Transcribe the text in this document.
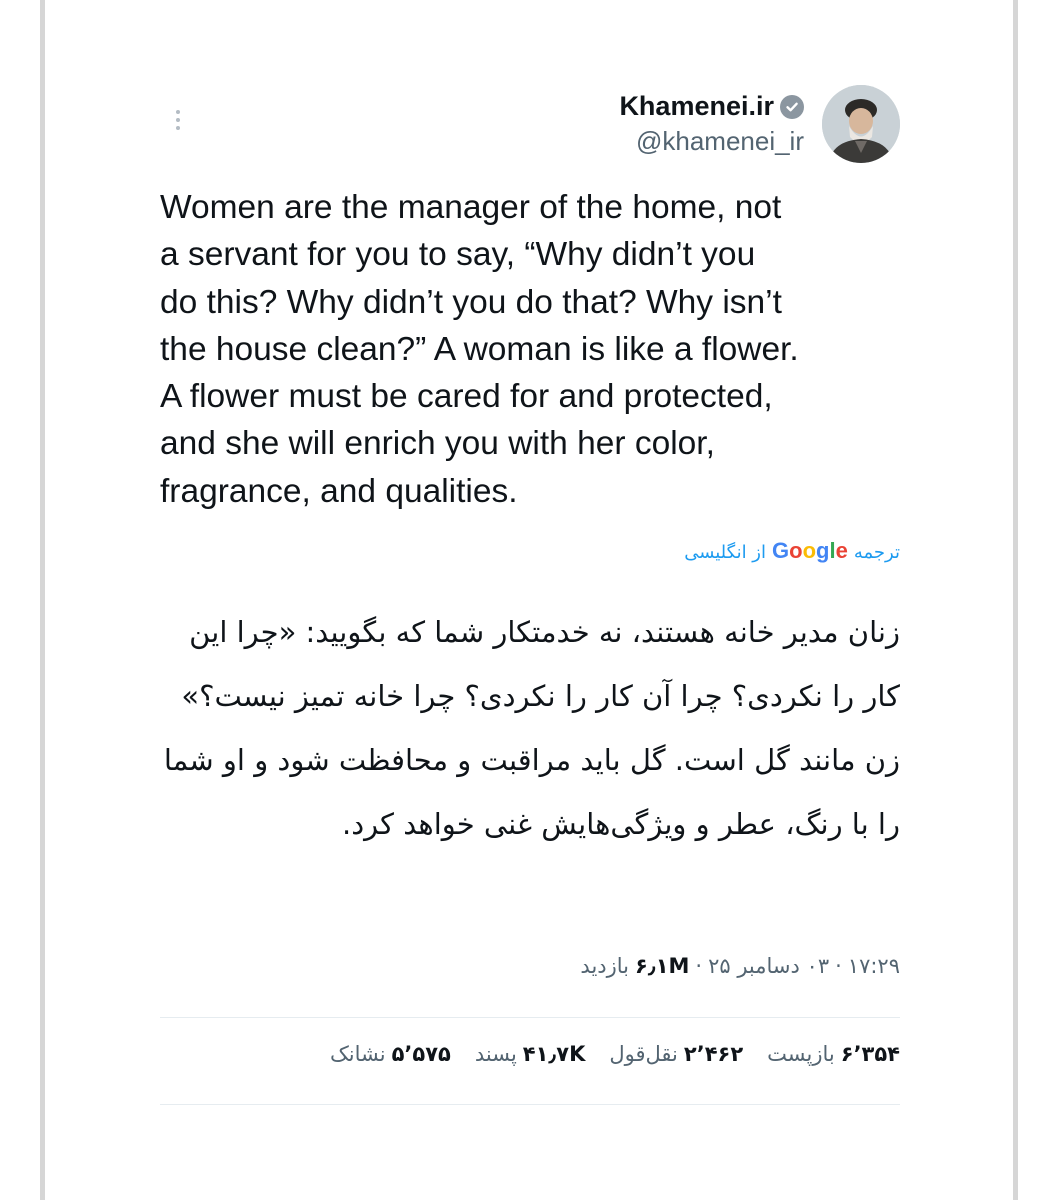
Khamenei.ir
@khamenei_ir
Women are the manager of the home, not
a servant for you to say, “Why didn’t you
do this? Why didn’t you do that? Why isn’t
the house clean?” A woman is like a flower.
A flower must be cared for and protected,
and she will enrich you with her color,
fragrance, and qualities.
ترجمه
Google
از انگلیسی
زنان مدیر خانه هستند، نه خدمتکار شما که بگویید: «چرا این کار را نکردی؟ چرا آن کار را نکردی؟ چرا خانه تمیز نیست؟» زن مانند گل است. گل باید مراقبت و محافظت شود و او شما را با رنگ، عطر و ویژگی‌هایش غنی خواهد کرد.
۱۷:۲۹
·
۰۳ دسامبر ۲۵
·
۶٫۱M
بازدید
۶٬۳۵۴
بازپست
۲٬۴۶۲
نقل‌قول
۴۱٫۷K
پسند
۵٬۵۷۵
نشانک
